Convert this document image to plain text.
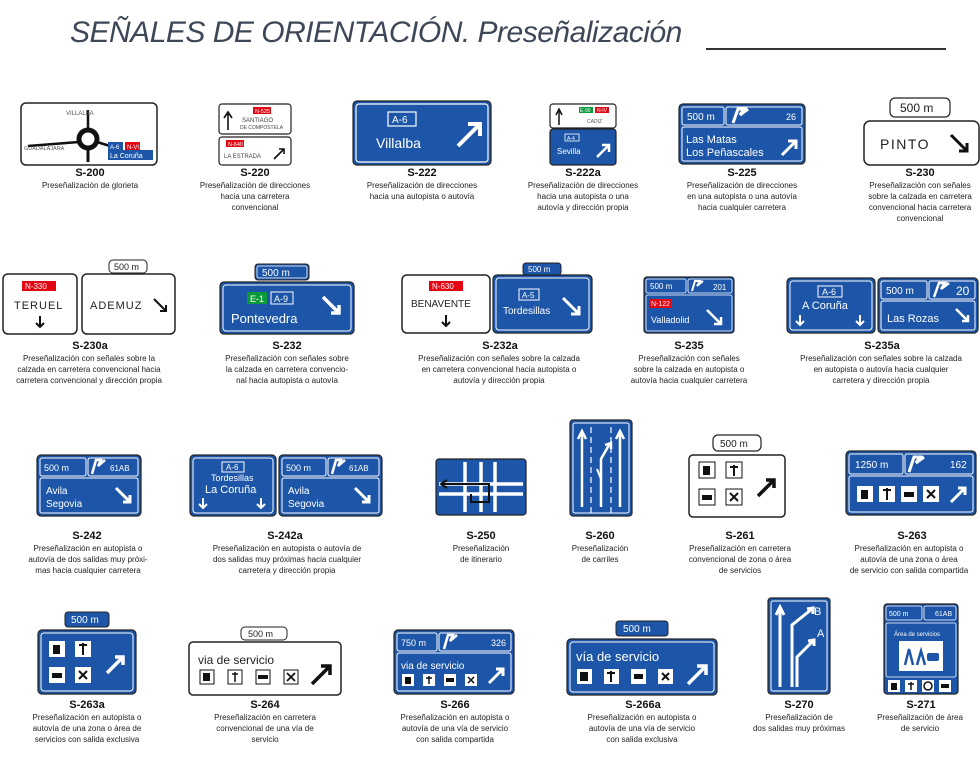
SEÑALES DE ORIENTACIÓN. Preseñalización
VILLALBA
GUADALAJARA	A-6 N-VI
La Coruña
S-200
Preseñalización de glorieta
N-525
SANTIAGO
DE COMPOSTELA
N-640
LA ESTRADA
S-220
Preseñalización de direcciones
hacia una carretera
convencional
A-6
Villalba
S-222
Preseñalización de direcciones
hacia una autopista o autovía
E-90 N-IV
CADIZ
A-4
Sevilla
S-222a
Preseñalización de direcciones
hacia una autopista o una
autovía y dirección propia
500 m	26
Las Matas
Los Peñascales
S-225
Preseñalización de direcciones
en una autopista o una autovía
hacia cualquier carretera
500 m
PINTO
S-230
Preseñalización con señales
sobre la calzada en carretera
convencional hacia carretera
convencional
N-330
TERUEL
500 m
ADEMUZ
S-230a
Preseñalización con señales sobre la
calzada en carretera convencional hacia
carretera convencional y dirección propia
500 m
E-1 A-9
Pontevedra
S-232
Preseñalización con señales sobre
la calzada en carretera convencio-
nal hacia autopista o autovía
N-630
BENAVENTE
500 m
A-5
Tordesillas
S-232a
Preseñalización con señales sobre la calzada
en carretera convencional hacia autopista o
autovía y dirección propia
500 m	201
N-122
Valladolid
S-235
Preseñalización con señales
sobre la calzada en autopista o
autovía hacia cualquier carretera
A-6
A Coruña
500 m	20
Las Rozas
S-235a
Preseñalización con señales sobre la calzada
en autopista o autovía hacia cualquier
carretera y dirección propia
500 m	61AB
Avila
Segovia
S-242
Preseñalización en autopista o
autovía de dos salidas muy próxi-
mas hacia cualquier carretera
A-6
Tordesillas
La Coruña
500 m	61AB
Avila
Segovia
S-242a
Preseñalización en autopista o autovía de
dos salidas muy próximas hacia cualquier
carretera y dirección propia
S-250
Preseñalización
de itinerario
S-260
Preseñalización
de carriles
500 m
S-261
Preseñalización en carretera
convencional de zona o área
de servicios
1250 m	162
S-263
Preseñalización en autopista o
autovía de una zona o área
de servicio con salida compartida
500 m
S-263a
Preseñalización en autopista o
autovía de una zona o área de
servicios con salida exclusiva
500 m
via de servicio
S-264
Preseñalización en carretera
convencional de una vía de
servicio
750 m	326
via de servicio
S-266
Preseñalización en autopista o
autovía de una vía de servicio
con salida compartida
500 m
vía de servicio
S-266a
Preseñalización en autopista o
autovía de una vía de servicio
con salida exclusiva
B
A
S-270
Preseñalización de
dos salidas muy próximas
500 m	61AB
Área de servicios
S-271
Preseñalización de área
de servicio
